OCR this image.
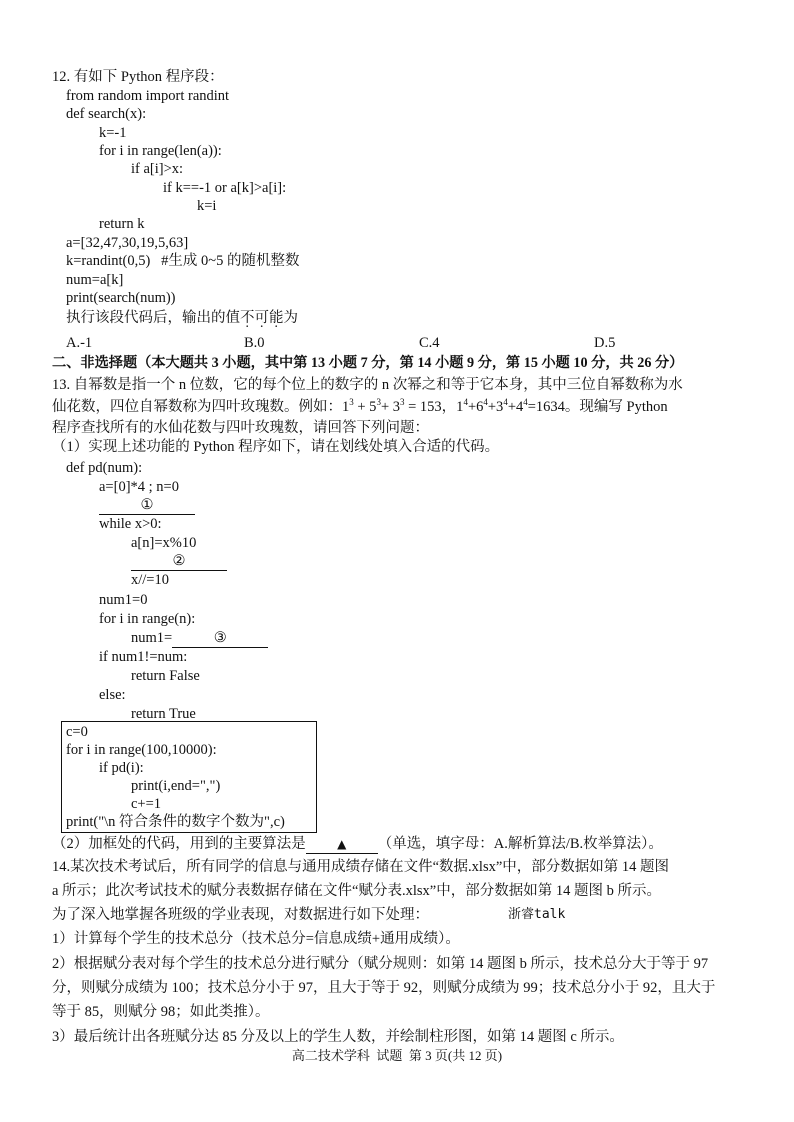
12. 有如下 Python 程序段：
from random import randint
def search(x):
k=-1
for i in range(len(a)):
if a[i]>x:
if k==-1 or a[k]>a[i]:
k=i
return k
a=[32,47,30,19,5,63]
k=randint(0,5)   #生成 0~5 的随机整数
num=a[k]
print(search(num))
执行该段代码后，输出的值不可能为
A.-1	B.0	C.4	D.5
二、非选择题（本大题共 3 小题，其中第 13 小题 7 分，第 14 小题 9 分，第 15 小题 10 分，共 26 分）
13. 自幂数是指一个 n 位数，它的每个位上的数字的 n 次幂之和等于它本身，其中三位自幂数称为水
仙花数，四位自幂数称为四叶玫瑰数。例如：$1^3 + 5^3+ 3^3 = 153$，$1^4+6^4+3^4+4^4=1634$。现编写 Python
程序查找所有的水仙花数与四叶玫瑰数，请回答下列问题：
（1）实现上述功能的 Python 程序如下，请在划线处填入合适的代码。
def pd(num):
a=[0]*4 ; n=0
①
while x>0:
a[n]=x%10
②
x//=10
num1=0
for i in range(n):
num1=	③
if num1!=num:
return False
else:
return True
c=0
for i in range(100,10000):
if pd(i):
print(i,end=",")
c+=1
print("\n 符合条件的数字个数为",c)
（2）加框处的代码，用到的主要算法是	▲ （单选，填字母：A.解析算法/B.枚举算法）。
14.某次技术考试后，所有同学的信息与通用成绩存储在文件“数据.xlsx”中，部分数据如第 14 题图
a 所示；此次考试技术的赋分表数据存储在文件“赋分表.xlsx”中，部分数据如第 14 题图 b 所示。
为了深入地掌握各班级的学业表现，对数据进行如下处理：	浙睿talk
1）计算每个学生的技术总分（技术总分=信息成绩+通用成绩）。
2）根据赋分表对每个学生的技术总分进行赋分（赋分规则：如第 14 题图 b 所示，技术总分大于等于 97
分，则赋分成绩为 100；技术总分小于 97，且大于等于 92，则赋分成绩为 99；技术总分小于 92，且大于
等于 85，则赋分 98；如此类推）。
3）最后统计出各班赋分达 85 分及以上的学生人数，并绘制柱形图，如第 14 题图 c 所示。
高二技术学科  试题  第 3 页(共 12 页)
